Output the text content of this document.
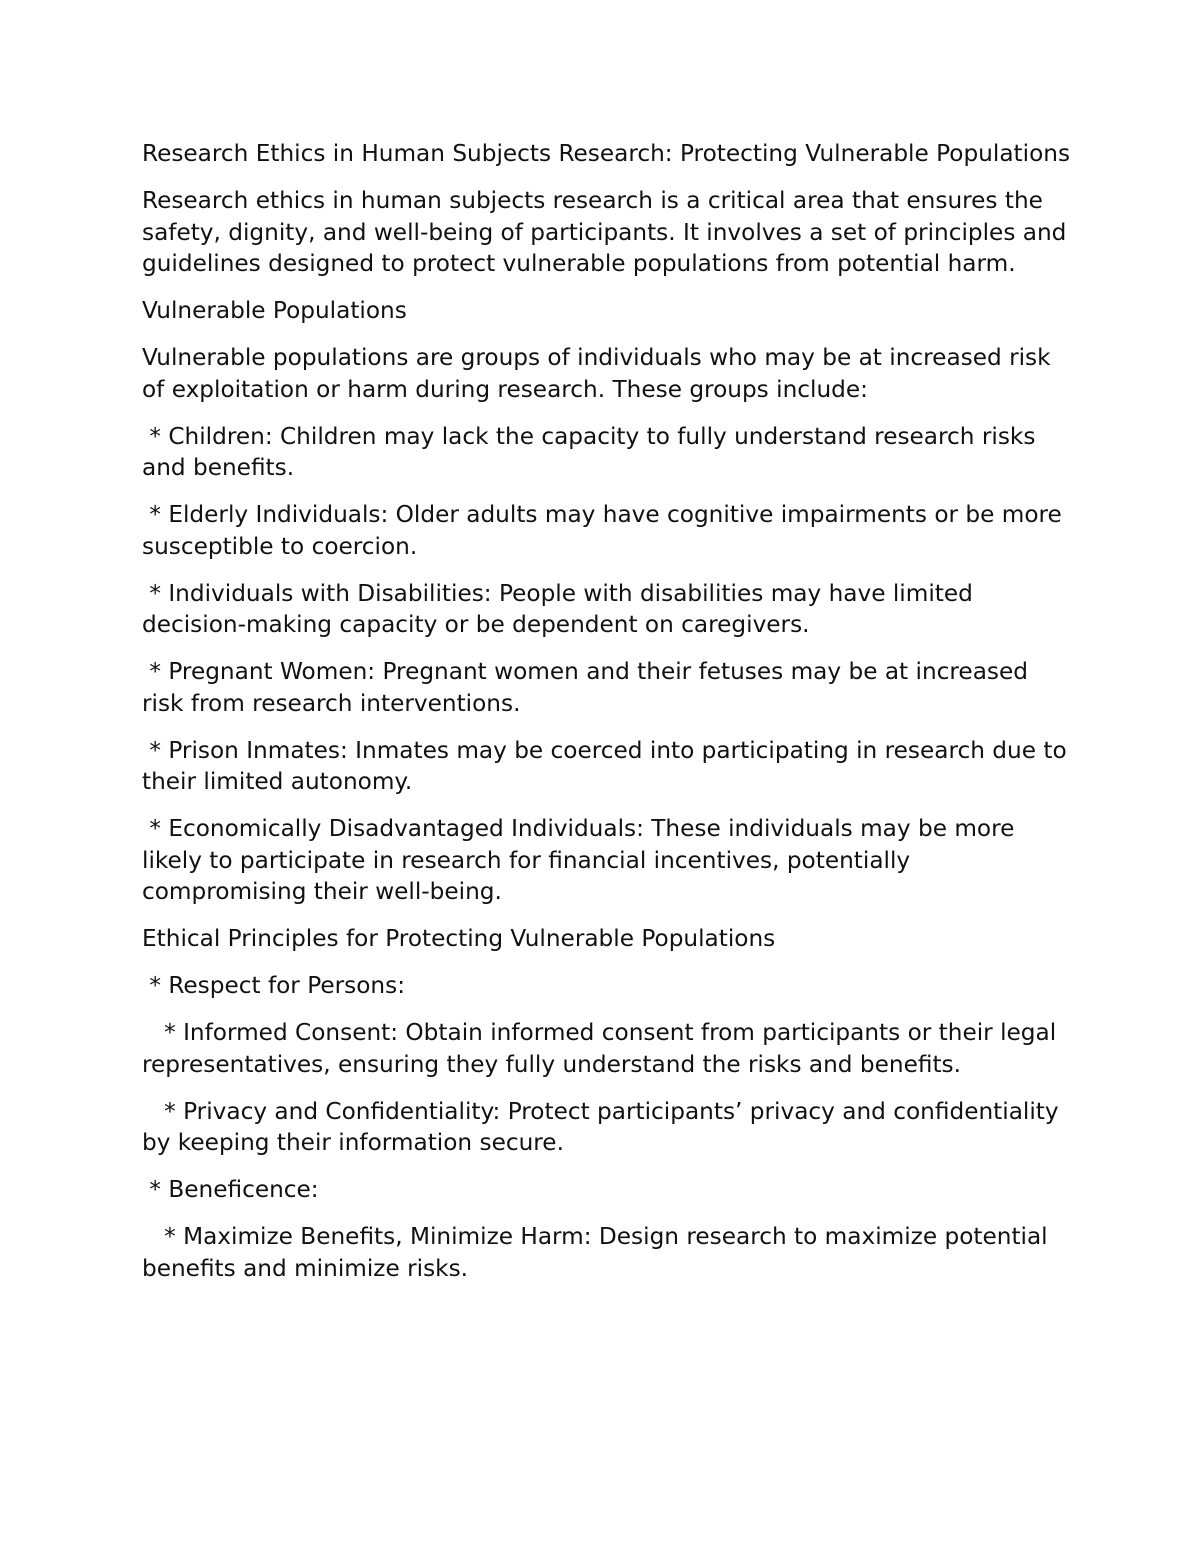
Research Ethics in Human Subjects Research: Protecting Vulnerable Populations

Research ethics in human subjects research is a critical area that ensures the safety, dignity, and well-being of participants. It involves a set of principles and guidelines designed to protect vulnerable populations from potential harm.

Vulnerable Populations

Vulnerable populations are groups of individuals who may be at increased risk of exploitation or harm during research. These groups include:

* Children: Children may lack the capacity to fully understand research risks and benefits.

* Elderly Individuals: Older adults may have cognitive impairments or be more susceptible to coercion.

* Individuals with Disabilities: People with disabilities may have limited decision-making capacity or be dependent on caregivers.

* Pregnant Women: Pregnant women and their fetuses may be at increased risk from research interventions.

* Prison Inmates: Inmates may be coerced into participating in research due to their limited autonomy.

* Economically Disadvantaged Individuals: These individuals may be more likely to participate in research for financial incentives, potentially compromising their well-being.

Ethical Principles for Protecting Vulnerable Populations

* Respect for Persons:

* Informed Consent: Obtain informed consent from participants or their legal representatives, ensuring they fully understand the risks and benefits.

* Privacy and Confidentiality: Protect participants’ privacy and confidentiality by keeping their information secure.

* Beneficence:

* Maximize Benefits, Minimize Harm: Design research to maximize potential benefits and minimize risks.
